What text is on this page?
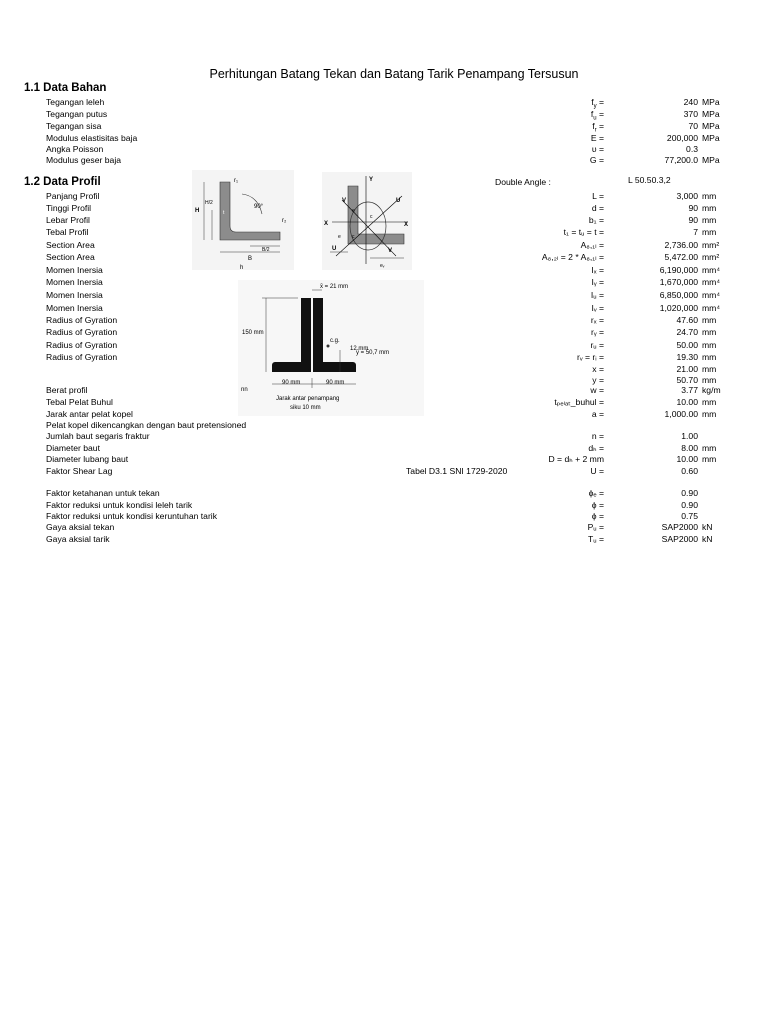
Perhitungan Batang Tekan dan Batang Tarik Penampang Tersusun
1.1 Data Bahan
Tegangan leleh	$f_y$ =	240 MPa
Tegangan putus	$f_u$ =	370 MPa
Tegangan sisa	$f_r$ =	70 MPa
Modulus elastisitas baja	E =	200,000 MPa
Angka Poisson	υ =	0.3
Modulus geser baja	G =	77,200.0 MPa
1.2 Data Profil	Double Angle :	L 50.50.3,2
Panjang Profil	L =	3,000 mm
Tinggi Profil	d =	90 mm
Lebar Profil	b₁ =	90 mm
Tebal Profil	t₁ = tᵤ = t =	7 mm
Section Area	A₈,₁ₗ =	2,736.00 mm²
Section Area	A₈,₂ₗ = 2 * A₈,₁ₗ =	5,472.00 mm²
Momen Inersia	Iₓ =	6,190,000 mm⁴
Momen Inersia	Iᵧ =	1,670,000 mm⁴
Momen Inersia	Iᵤ =	6,850,000 mm⁴
Momen Inersia	Iᵥ =	1,020,000 mm⁴
Radius of Gyration	rₓ =	47.60 mm
Radius of Gyration	rᵧ =	24.70 mm
Radius of Gyration	rᵤ =	50.00 mm
Radius of Gyration	rᵥ = rᵢ =	19.30 mm
x =	21.00 mm
y =	50.70 mm
Berat profil	w =	3.77 kg/m
Tebal Pelat Buhul	tₚₑₗₐₜ_buhul =	10.00 mm
Jarak antar pelat kopel	a =	1,000.00 mm
Pelat kopel dikencangkan dengan baut pretensioned
Jumlah baut segaris fraktur	n =	1.00
Diameter baut	dₕ =	8.00 mm
Diameter lubang baut	D = dₕ + 2 mm	10.00 mm
Faktor Shear Lag	U =	0.60
Tabel D3.1 SNI 1729-2020
Faktor ketahanan untuk tekan	ϕₑ =	0.90
Faktor reduksi untuk kondisi leleh tarik	ϕ =	0.90
Faktor reduksi untuk kondisi keruntuhan tarik	ϕ =	0.75
Gaya aksial tekan	Pᵤ =	SAP2000 kN
Gaya aksial tarik	Tᵤ =	SAP2000 kN
r₁
H
H/2
t
90°
r₂
B/2
B
h
Y
U
V
X	X
U	V
c
c
e
e
eᵥ
x̄ = 21 mm
150 mm
c.g.
12 mm
ȳ = 50,7 mm
90 mm	90 mm
Jarak antar penampang
siku 10 mm
nn
